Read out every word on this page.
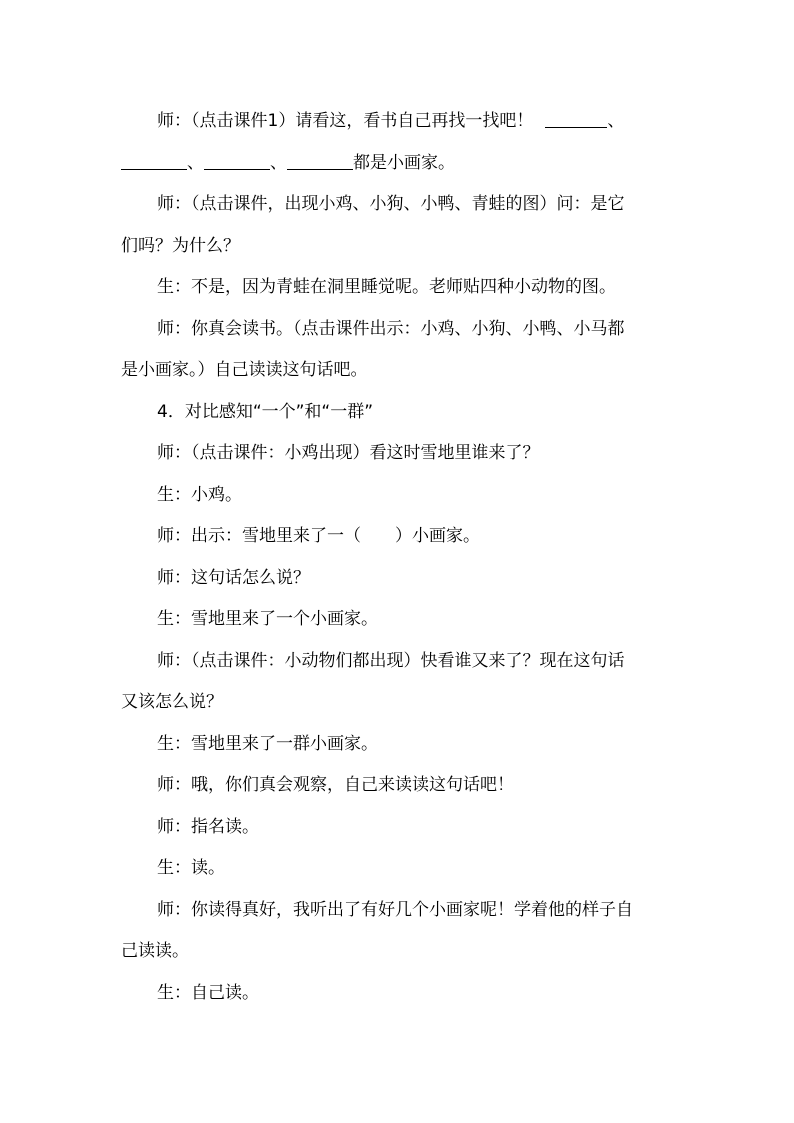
师：（点击课件1）请看这，看书自己再找一找吧！	、
、	、	都是小画家。
师：（点击课件，出现小鸡、小狗、小鸭、青蛙的图）问：是它
们吗？为什么？
生：不是，因为青蛙在洞里睡觉呢。老师贴四种小动物的图。
师：你真会读书。（点击课件出示：小鸡、小狗、小鸭、小马都
是小画家。）自己读读这句话吧。
4．对比感知“一个”和“一群”
师：（点击课件：小鸡出现）看这时雪地里谁来了？
生：小鸡。
师：出示：雪地里来了一（　　）小画家。
师：这句话怎么说？
生：雪地里来了一个小画家。
师：（点击课件：小动物们都出现）快看谁又来了？现在这句话
又该怎么说？
生：雪地里来了一群小画家。
师：哦，你们真会观察，自己来读读这句话吧！
师：指名读。
生：读。
师：你读得真好，我听出了有好几个小画家呢！学着他的样子自
己读读。
生：自己读。
